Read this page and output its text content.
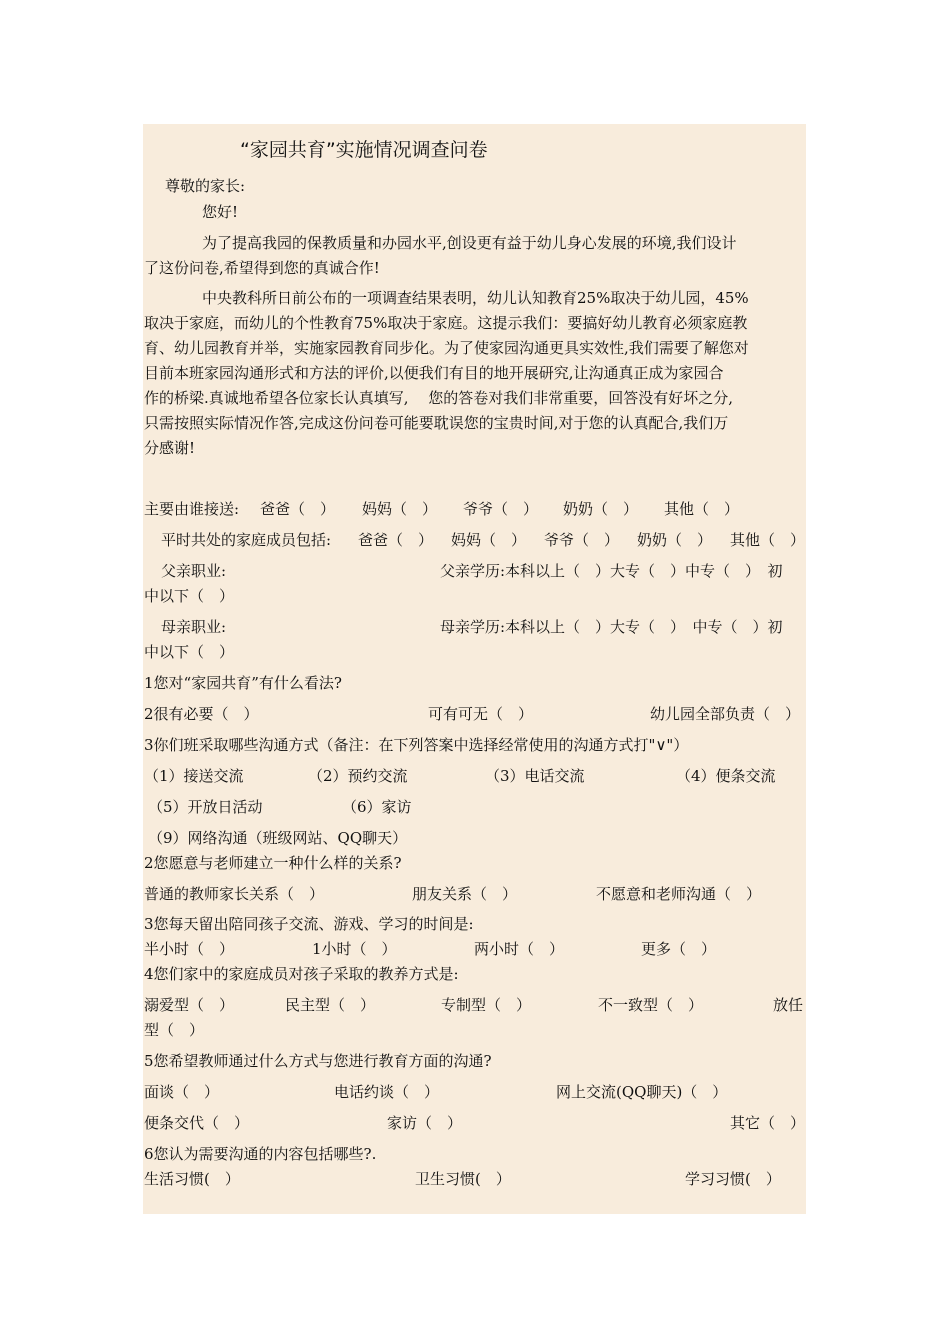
“家园共育”实施情况调查问卷
尊敬的家长:
您好!
为了提高我园的保教质量和办园水平,创设更有益于幼儿身心发展的环境,我们设计
了这份问卷,希望得到您的真诚合作!
中央教科所日前公布的一项调查结果表明，幼儿认知教育25%取决于幼儿园，45%
取决于家庭，而幼儿的个性教育75%取决于家庭。这提示我们：要搞好幼儿教育必须家庭教
育、幼儿园教育并举，实施家园教育同步化。为了使家园沟通更具实效性,我们需要了解您对
目前本班家园沟通形式和方法的评价,以便我们有目的地开展研究,让沟通真正成为家园合
作的桥梁.真诚地希望各位家长认真填写,　 您的答卷对我们非常重要，回答没有好坏之分,
只需按照实际情况作答,完成这份问卷可能要耽误您的宝贵时间,对于您的认真配合,我们万
分感谢!
主要由谁接送: 爸爸（　） 妈妈（　） 爷爷（　） 奶奶（　） 其他（　）
平时共处的家庭成员包括: 爸爸（　） 妈妈（　） 爷爷（　） 奶奶（　） 其他（　）
父亲职业:	父亲学历:本科以上（　）大专（　）中专（　）　初
中以下（　）
母亲职业:	母亲学历:本科以上（　）大专（　）　中专（　）初
中以下（　）
1您对“家园共育”有什么看法?
2很有必要（　）	可有可无（　）	幼儿园全部负责（　）
3你们班采取哪些沟通方式（备注：在下列答案中选择经常使用的沟通方式打"∨"）
（1）接送交流	（2）预约交流	（3）电话交流	（4）便条交流
（5）开放日活动	（6）家访
（9）网络沟通（班级网站、QQ聊天）
2您愿意与老师建立一种什么样的关系?
普通的教师家长关系（　）	朋友关系（　）	不愿意和老师沟通（　）
3您每天留出陪同孩子交流、游戏、学习的时间是:
半小时（　）	1小时（　）	两小时（　）	更多（　）
4您们家中的家庭成员对孩子采取的教养方式是:
溺爱型（　）	民主型（　）	专制型（　）	不一致型（　）	放任
型（　）
5您希望教师通过什么方式与您进行教育方面的沟通?
面谈（　）	电话约谈（　）	网上交流(QQ聊天)（　）
便条交代（　）	家访（　）	其它（　）
6您认为需要沟通的内容包括哪些?.
生活习惯(　）	卫生习惯(　）	学习习惯(　）
